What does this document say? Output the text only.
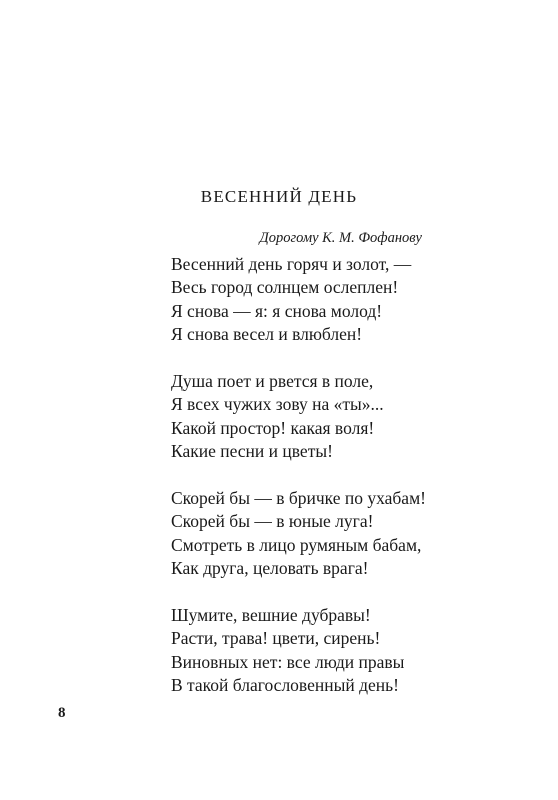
ВЕСЕННИЙ ДЕНЬ
Дорогому К. М. Фофанову
Весенний день горяч и золот, —
Весь город солнцем ослеплен!
Я снова — я: я снова молод!
Я снова весел и влюблен!
Душа поет и рвется в поле,
Я всех чужих зову на «ты»...
Какой простор! какая воля!
Какие песни и цветы!
Скорей бы — в бричке по ухабам!
Скорей бы — в юные луга!
Смотреть в лицо румяным бабам,
Как друга, целовать врага!
Шумите, вешние дубравы!
Расти, трава! цвети, сирень!
Виновных нет: все люди правы
В такой благословенный день!
8
